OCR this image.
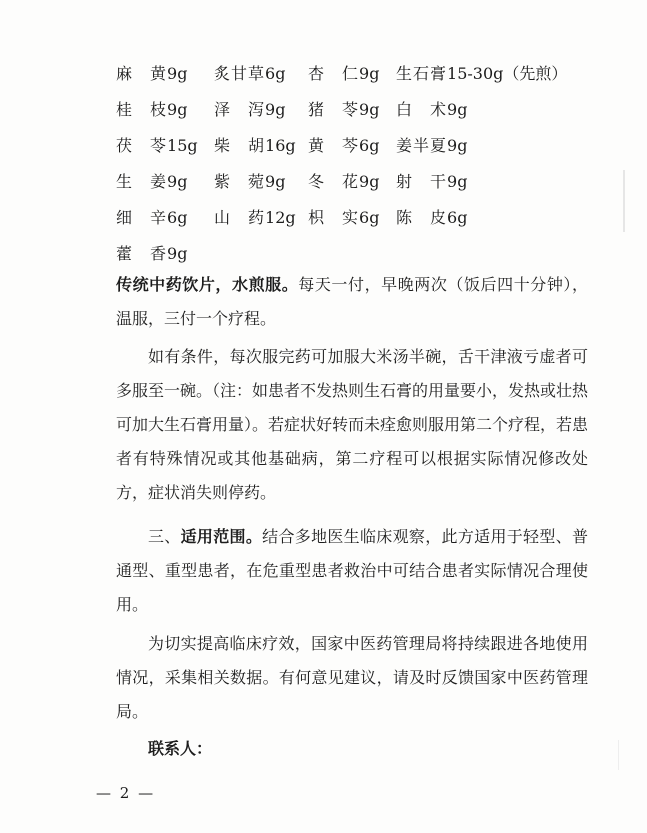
麻　黄9g 炙甘草6g 杏　仁9g 生石膏15-30g（先煎）
桂　枝9g 泽　泻9g 猪　苓9g 白　术9g
茯　苓15g 柴　胡16g 黄　芩6g 姜半夏9g
生　姜9g 紫　菀9g 冬　花9g 射　干9g
细　辛6g 山　药12g 枳　实6g 陈　皮6g
藿　香9g
传统中药饮片，水煎服。每天一付，早晚两次（饭后四十分钟），温服，三付一个疗程。
如有条件，每次服完药可加服大米汤半碗，舌干津液亏虚者可多服至一碗。（注：如患者不发热则生石膏的用量要小，发热或壮热可加大生石膏用量）。若症状好转而未痊愈则服用第二个疗程，若患者有特殊情况或其他基础病，第二疗程可以根据实际情况修改处方，症状消失则停药。
三、适用范围。结合多地医生临床观察，此方适用于轻型、普通型、重型患者，在危重型患者救治中可结合患者实际情况合理使用。
为切实提高临床疗效，国家中医药管理局将持续跟进各地使用情况，采集相关数据。有何意见建议，请及时反馈国家中医药管理局。
联系人：
— 2 —
